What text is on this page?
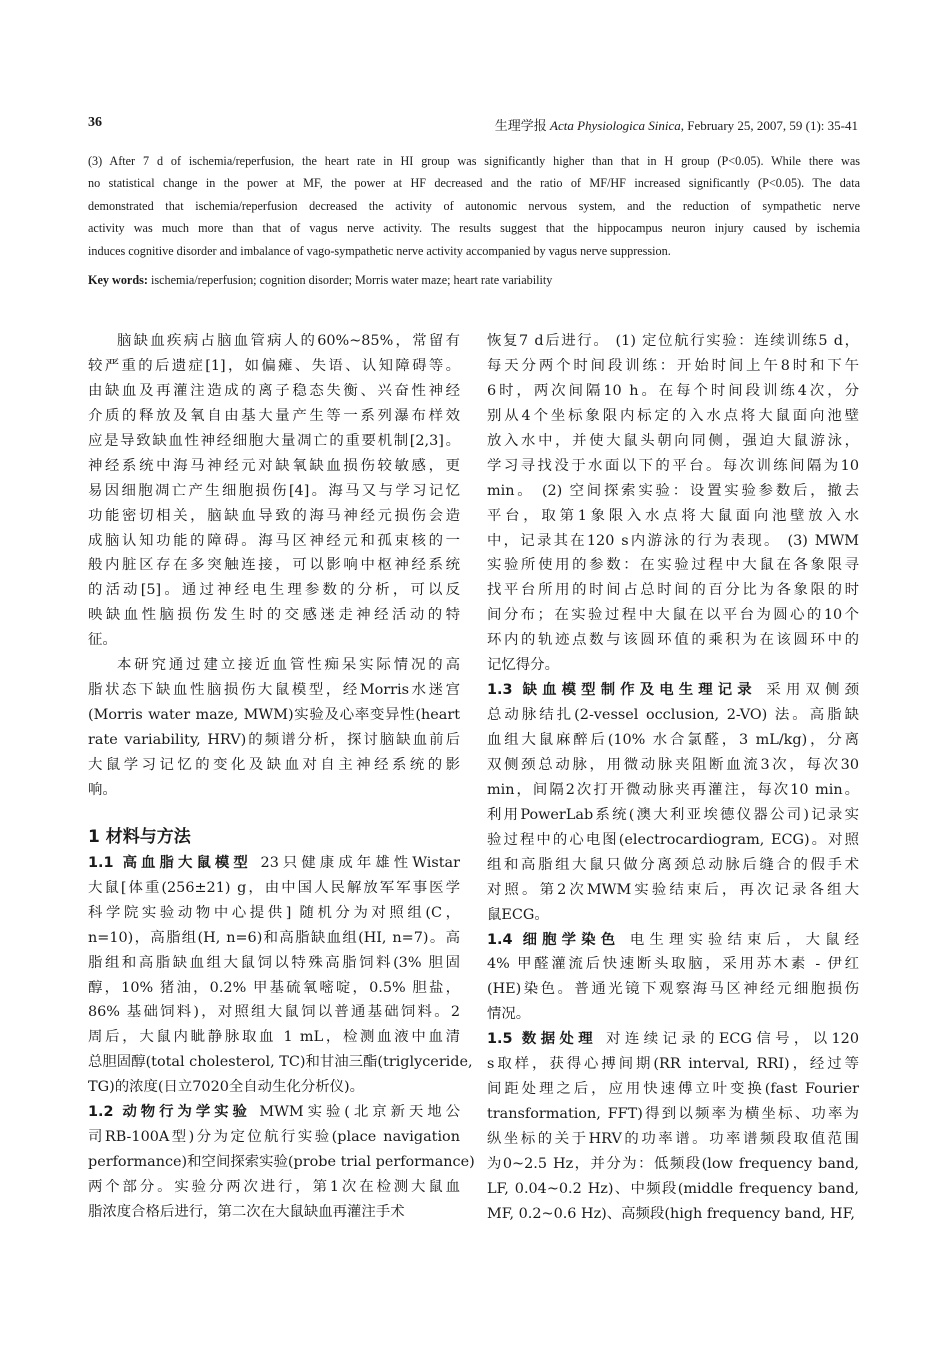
36	生理学报 Acta Physiologica Sinica, February 25, 2007, 59 (1): 35-41
(3) After 7 d of ischemia/reperfusion, the heart rate in HI group was significantly higher than that in H group (P<0.05). While there was
no statistical change in the power at MF, the power at HF decreased and the ratio of MF/HF increased significantly (P<0.05). The data
demonstrated that ischemia/reperfusion decreased the activity of autonomic nervous system, and the reduction of sympathetic nerve
activity was much more than that of vagus nerve activity. The results suggest that the hippocampus neuron injury caused by ischemia
induces cognitive disorder and imbalance of vago-sympathetic nerve activity accompanied by vagus nerve suppression.
Key words: ischemia/reperfusion; cognition disorder; Morris water maze; heart rate variability
脑缺血疾病占脑血管病人的60%~85%，常留有
较严重的后遗症[1]，如偏瘫、失语、认知障碍等。
由缺血及再灌注造成的离子稳态失衡、兴奋性神经
介质的释放及氧自由基大量产生等一系列瀑布样效
应是导致缺血性神经细胞大量凋亡的重要机制[2,3]。
神经系统中海马神经元对缺氧缺血损伤较敏感，更
易因细胞凋亡产生细胞损伤[4]。海马又与学习记忆
功能密切相关，脑缺血导致的海马神经元损伤会造
成脑认知功能的障碍。海马区神经元和孤束核的一
般内脏区存在多突触连接，可以影响中枢神经系统
的活动[5]。通过神经电生理参数的分析，可以反
映缺血性脑损伤发生时的交感迷走神经活动的特
征。
本研究通过建立接近血管性痴呆实际情况的高
脂状态下缺血性脑损伤大鼠模型，经Morris水迷宫
(Morris water maze, MWM)实验及心率变异性(heart
rate variability, HRV)的频谱分析，探讨脑缺血前后
大鼠学习记忆的变化及缺血对自主神经系统的影
响。
1 材料与方法
1.1 高血脂大鼠模型 23只健康成年雄性Wistar
大鼠[体重(256±21) g，由中国人民解放军军事医学
科学院实验动物中心提供] 随机分为对照组(C，
n=10)，高脂组(H, n=6)和高脂缺血组(HI, n=7)。高
脂组和高脂缺血组大鼠饲以特殊高脂饲料(3% 胆固
醇，10% 猪油，0.2% 甲基硫氧嘧啶，0.5% 胆盐，
86% 基础饲料)，对照组大鼠饲以普通基础饲料。2
周后，大鼠内眦静脉取血 1 mL，检测血液中血清
总胆固醇(total cholesterol, TC)和甘油三酯(triglyceride,
TG)的浓度(日立7020全自动生化分析仪)。
1.2 动物行为学实验 MWM实验(北京新天地公
司RB-100A型)分为定位航行实验(place navigation
performance)和空间探索实验(probe trial performance)
两个部分。实验分两次进行，第1次在检测大鼠血
脂浓度合格后进行，第二次在大鼠缺血再灌注手术
恢复7 d后进行。 (1) 定位航行实验：连续训练5 d，
每天分两个时间段训练：开始时间上午8时和下午
6时，两次间隔10 h。在每个时间段训练4次，分
别从4个坐标象限内标定的入水点将大鼠面向池壁
放入水中，并使大鼠头朝向同侧，强迫大鼠游泳，
学习寻找没于水面以下的平台。每次训练间隔为10
min。 (2) 空间探索实验：设置实验参数后，撤去
平台，取第1象限入水点将大鼠面向池壁放入水
中，记录其在120 s内游泳的行为表现。 (3) MWM
实验所使用的参数：在实验过程中大鼠在各象限寻
找平台所用的时间占总时间的百分比为各象限的时
间分布；在实验过程中大鼠在以平台为圆心的10个
环内的轨迹点数与该圆环值的乘积为在该圆环中的
记忆得分。
1.3 缺血模型制作及电生理记录 采用双侧颈
总动脉结扎(2-vessel occlusion, 2-VO) 法。高脂缺
血组大鼠麻醉后(10% 水合氯醛，3 mL/kg)，分离
双侧颈总动脉，用微动脉夹阻断血流3次，每次30
min，间隔2次打开微动脉夹再灌注，每次10 min。
利用PowerLab系统(澳大利亚埃德仪器公司)记录实
验过程中的心电图(electrocardiogram, ECG)。对照
组和高脂组大鼠只做分离颈总动脉后缝合的假手术
对照。第2次MWM实验结束后，再次记录各组大
鼠ECG。
1.4 细胞学染色 电生理实验结束后，大鼠经
4% 甲醛灌流后快速断头取脑，采用苏木素 - 伊红
(HE)染色。普通光镜下观察海马区神经元细胞损伤
情况。
1.5 数据处理 对连续记录的ECG信号，以120
s取样，获得心搏间期(RR interval, RRI)，经过等
间距处理之后，应用快速傅立叶变换(fast Fourier
transformation, FFT)得到以频率为横坐标、功率为
纵坐标的关于HRV的功率谱。功率谱频段取值范围
为0~2.5 Hz，并分为：低频段(low frequency band,
LF, 0.04~0.2 Hz)、中频段(middle frequency band,
MF, 0.2~0.6 Hz)、高频段(high frequency band, HF,
